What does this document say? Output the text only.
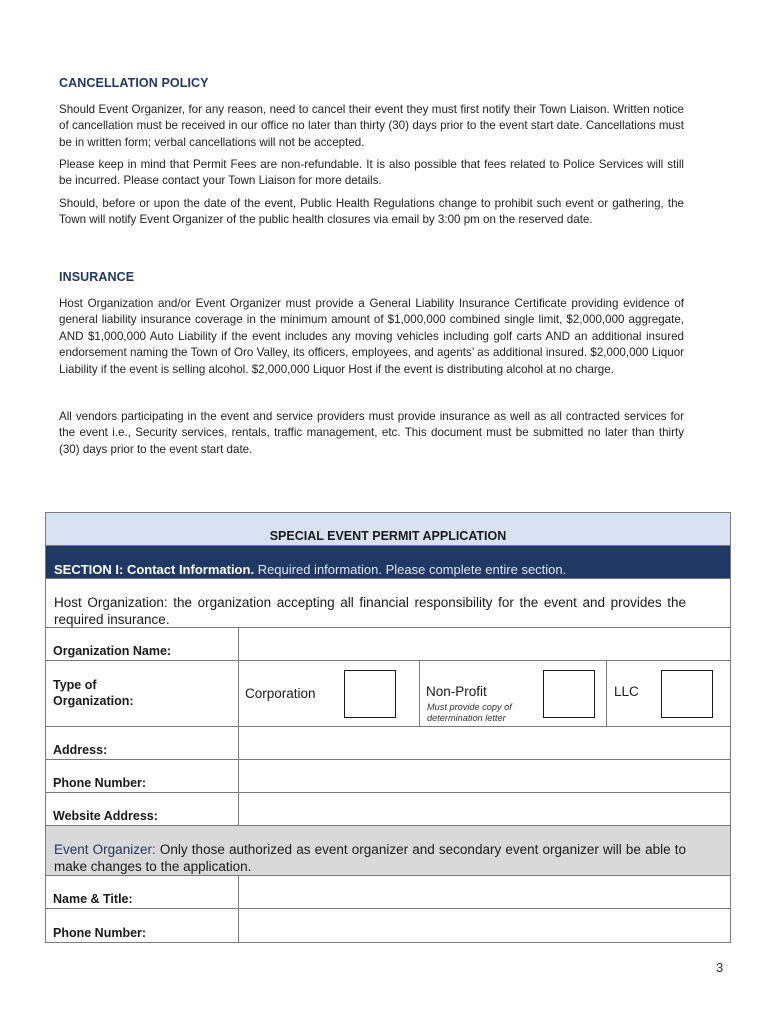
CANCELLATION POLICY

Should Event Organizer, for any reason, need to cancel their event they must first notify their Town Liaison. Written notice of cancellation must be received in our office no later than thirty (30) days prior to the event start date. Cancellations must be in written form; verbal cancellations will not be accepted.

Please keep in mind that Permit Fees are non-refundable. It is also possible that fees related to Police Services will still be incurred. Please contact your Town Liaison for more details.

Should, before or upon the date of the event, Public Health Regulations change to prohibit such event or gathering, the Town will notify Event Organizer of the public health closures via email by 3:00 pm on the reserved date.

INSURANCE

Host Organization and/or Event Organizer must provide a General Liability Insurance Certificate providing evidence of general liability insurance coverage in the minimum amount of $1,000,000 combined single limit, $2,000,000 aggregate, AND $1,000,000 Auto Liability if the event includes any moving vehicles including golf carts AND an additional insured endorsement naming the Town of Oro Valley, its officers, employees, and agents’ as additional insured. $2,000,000 Liquor Liability if the event is selling alcohol. $2,000,000 Liquor Host if the event is distributing alcohol at no charge.

All vendors participating in the event and service providers must provide insurance as well as all contracted services for the event i.e., Security services, rentals, traffic management, etc. This document must be submitted no later than thirty (30) days prior to the event start date.

SPECIAL EVENT PERMIT APPLICATION
SECTION I: Contact Information. Required information. Please complete entire section.
Host Organization: the organization accepting all financial responsibility for the event and provides the required insurance.
Organization Name:
Type of
Organization:	Corporation	Non-Profit
Must provide copy of
determination letter
LLC
Address:
Phone Number:
Website Address:
Event Organizer: Only those authorized as event organizer and secondary event organizer will be able to make changes to the application.
Name & Title:
Phone Number:
3
